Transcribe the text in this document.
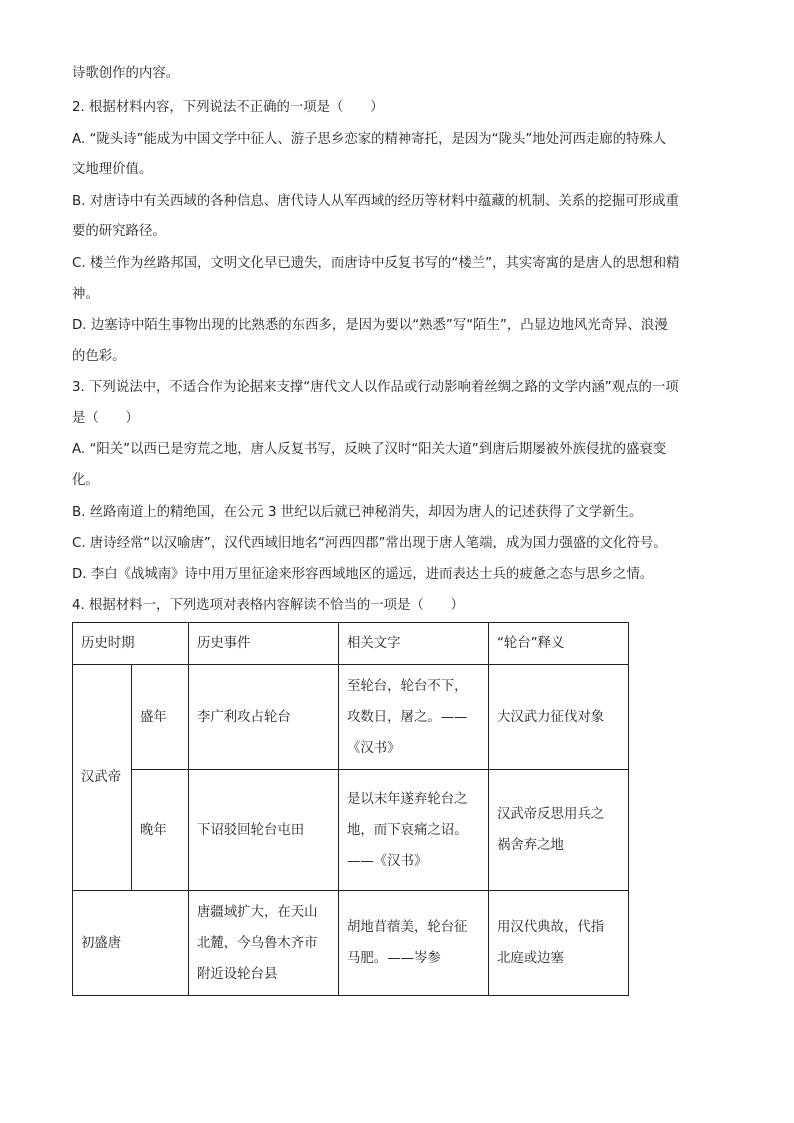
诗歌创作的内容。

2. 根据材料内容，下列说法不正确的一项是（　　）

A. “陇头诗”能成为中国文学中征人、游子思乡恋家的精神寄托，是因为“陇头”地处河西走廊的特殊人

文地理价值。

B. 对唐诗中有关西域的各种信息、唐代诗人从军西域的经历等材料中蕴藏的机制、关系的挖掘可形成重

要的研究路径。

C. 楼兰作为丝路邦国，文明文化早已遗失，而唐诗中反复书写的“楼兰”，其实寄寓的是唐人的思想和精

神。

D. 边塞诗中陌生事物出现的比熟悉的东西多，是因为要以“熟悉”写“陌生”，凸显边地风光奇异、浪漫

的色彩。

3. 下列说法中，不适合作为论据来支撑“唐代文人以作品或行动影响着丝绸之路的文学内涵”观点的一项

是（　　）

A. “阳关”以西已是穷荒之地，唐人反复书写，反映了汉时“阳关大道”到唐后期屡被外族侵扰的盛衰变

化。

B. 丝路南道上的精绝国，在公元 3 世纪以后就已神秘消失，却因为唐人的记述获得了文学新生。

C. 唐诗经常“以汉喻唐”，汉代西域旧地名“河西四郡”常出现于唐人笔端，成为国力强盛的文化符号。

D. 李白《战城南》诗中用万里征途来形容西域地区的遥远，进而表达士兵的疲惫之态与思乡之情。

4. 根据材料一，下列选项对表格内容解读不恰当的一项是（　　）

历史时期		历史事件	相关文字	“轮台”释义
汉武帝	盛年	李广利攻占轮台	至轮台，轮台不下，
攻数日，屠之。——
《汉书》	大汉武力征伐对象
	晚年	下诏驳回轮台屯田	是以末年遂弃轮台之
地，而下哀痛之诏。
——《汉书》	汉武帝反思用兵之
祸舍弃之地

初盛唐		唐疆域扩大，在天山
北麓，今乌鲁木齐市
附近设轮台县	胡地苜蓿美，轮台征
马肥。——岑参	用汉代典故，代指
北庭或边塞
